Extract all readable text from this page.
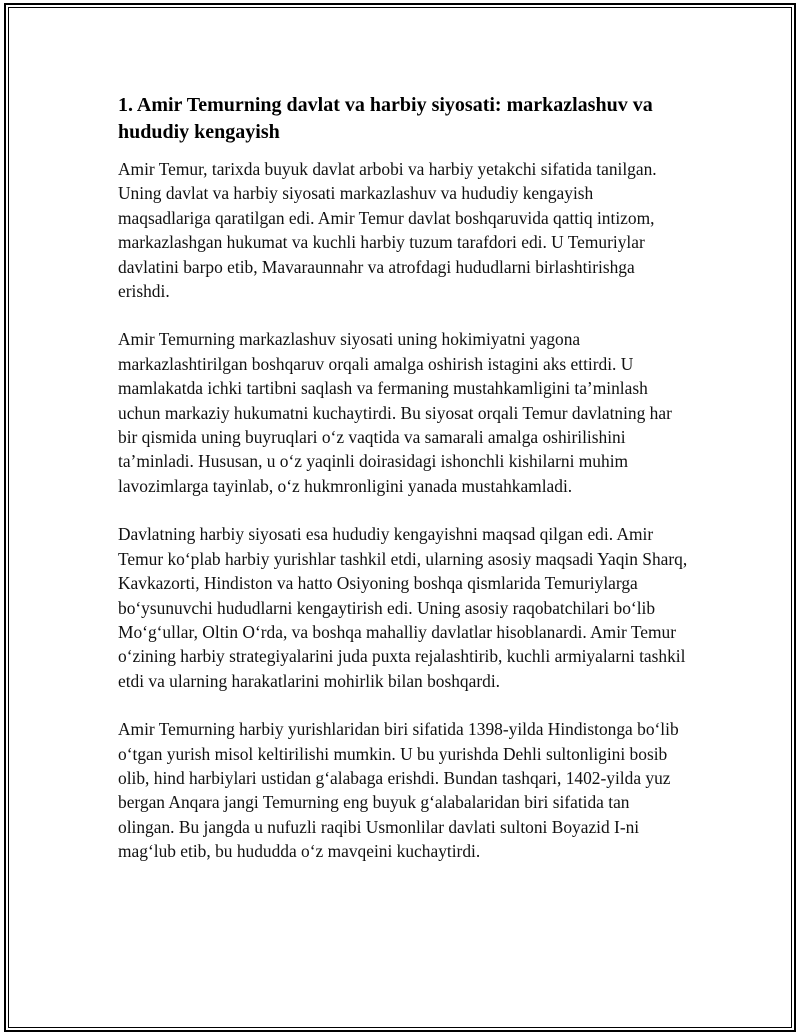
1. Amir Temurning davlat va harbiy siyosati: markazlashuv va hududiy kengayish

Amir Temur, tarixda buyuk davlat arbobi va harbiy yetakchi sifatida tanilgan. Uning davlat va harbiy siyosati markazlashuv va hududiy kengayish maqsadlariga qaratilgan edi. Amir Temur davlat boshqaruvida qattiq intizom, markazlashgan hukumat va kuchli harbiy tuzum tarafdori edi. U Temuriylar davlatini barpo etib, Mavaraunnahr va atrofdagi hududlarni birlashtirishga erishdi.

Amir Temurning markazlashuv siyosati uning hokimiyatni yagona markazlashtirilgan boshqaruv orqali amalga oshirish istagini aks ettirdi. U mamlakatda ichki tartibni saqlash va fermaning mustahkamligini ta’minlash uchun markaziy hukumatni kuchaytirdi. Bu siyosat orqali Temur davlatning har bir qismida uning buyruqlari o‘z vaqtida va samarali amalga oshirilishini ta’minladi. Hususan, u o‘z yaqinli doirasidagi ishonchli kishilarni muhim lavozimlarga tayinlab, o‘z hukmronligini yanada mustahkamladi.

Davlatning harbiy siyosati esa hududiy kengayishni maqsad qilgan edi. Amir Temur ko‘plab harbiy yurishlar tashkil etdi, ularning asosiy maqsadi Yaqin Sharq, Kavkazorti, Hindiston va hatto Osiyoning boshqa qismlarida Temuriylarga bo‘ysunuvchi hududlarni kengaytirish edi. Uning asosiy raqobatchilari bo‘lib Mo‘g‘ullar, Oltin O‘rda, va boshqa mahalliy davlatlar hisoblanardi. Amir Temur o‘zining harbiy strategiyalarini juda puxta rejalashtirib, kuchli armiyalarni tashkil etdi va ularning harakatlarini mohirlik bilan boshqardi.

Amir Temurning harbiy yurishlaridan biri sifatida 1398-yilda Hindistonga bo‘lib o‘tgan yurish misol keltirilishi mumkin. U bu yurishda Dehli sultonligini bosib olib, hind harbiylari ustidan g‘alabaga erishdi. Bundan tashqari, 1402-yilda yuz bergan Anqara jangi Temurning eng buyuk g‘alabalaridan biri sifatida tan olingan. Bu jangda u nufuzli raqibi Usmonlilar davlati sultoni Boyazid I-ni mag‘lub etib, bu hududda o‘z mavqeini kuchaytirdi.
